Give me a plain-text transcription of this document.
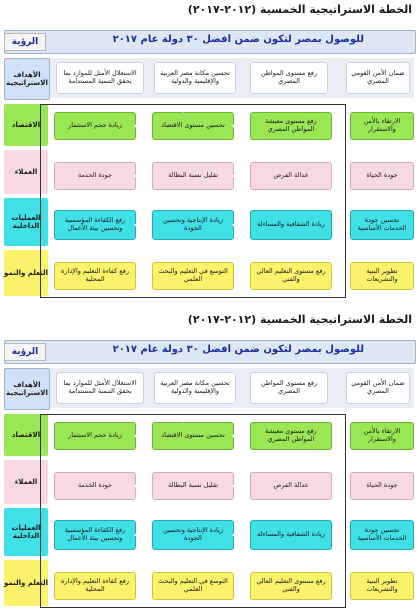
الخطة الاستراتيجية الخمسية (٢٠١٢-٢٠١٧)
للوصول بمصر لتكون ضمن أفضل ٣٠ دولة عام ٢٠١٧
الرؤية
الأهداف الاستراتيجية
ضمان الأمن القومي المصري
رفع مستوى المواطن المصري
تحسين مكانة مصر العربية والإقليمية والدولية
الاستغلال الأمثل للموارد بما يحقق التنمية المستدامة
الاقتصاد
العملاء
العمليات الداخلية
التعلم والنمو
الارتقاء بالأمن والاستقرار
رفع مستوى معيشة المواطن المصري
تحسين مستوى الاقتصاد
زيادة حجم الاستثمار
جودة الحياة
عدالة الفرص
تقليل نسبة البطالة
جودة الخدمة
تحسين جودة الخدمات الأساسية
زيادة الشفافية والمساءلة
زيادة الإنتاجية وتحسين الجودة
رفع الكفاءة المؤسسية وتحسين بيئة الأعمال
تطوير البنية والتشريعات
رفع مستوى التعليم العالي والفني
التوسع في التعليم والبحث العلمي
رفع كفاءة التعليم والإدارة المحلية
تحسين الأداء
العدالة
الأولويات
تحقيق التنمية المستدامة
الخطة الاستراتيجية الخمسية (٢٠١٢-٢٠١٧)
للوصول بمصر لتكون ضمن أفضل ٣٠ دولة عام ٢٠١٧
الرؤية
الأهداف الاستراتيجية
ضمان الأمن القومي المصري
رفع مستوى المواطن المصري
تحسين مكانة مصر العربية والإقليمية والدولية
الاستغلال الأمثل للموارد بما يحقق التنمية المستدامة
الاقتصاد
العملاء
العمليات الداخلية
التعلم والنمو
الارتقاء بالأمن والاستقرار
رفع مستوى معيشة المواطن المصري
تحسين مستوى الاقتصاد
زيادة حجم الاستثمار
جودة الحياة
عدالة الفرص
تقليل نسبة البطالة
جودة الخدمة
تحسين جودة الخدمات الأساسية
زيادة الشفافية والمساءلة
زيادة الإنتاجية وتحسين الجودة
رفع الكفاءة المؤسسية وتحسين بيئة الأعمال
تطوير البنية والتشريعات
رفع مستوى التعليم العالي والفني
التوسع في التعليم والبحث العلمي
رفع كفاءة التعليم والإدارة المحلية
تحسين الأداء
العدالة
الأولويات
تحقيق التنمية المستدامة
